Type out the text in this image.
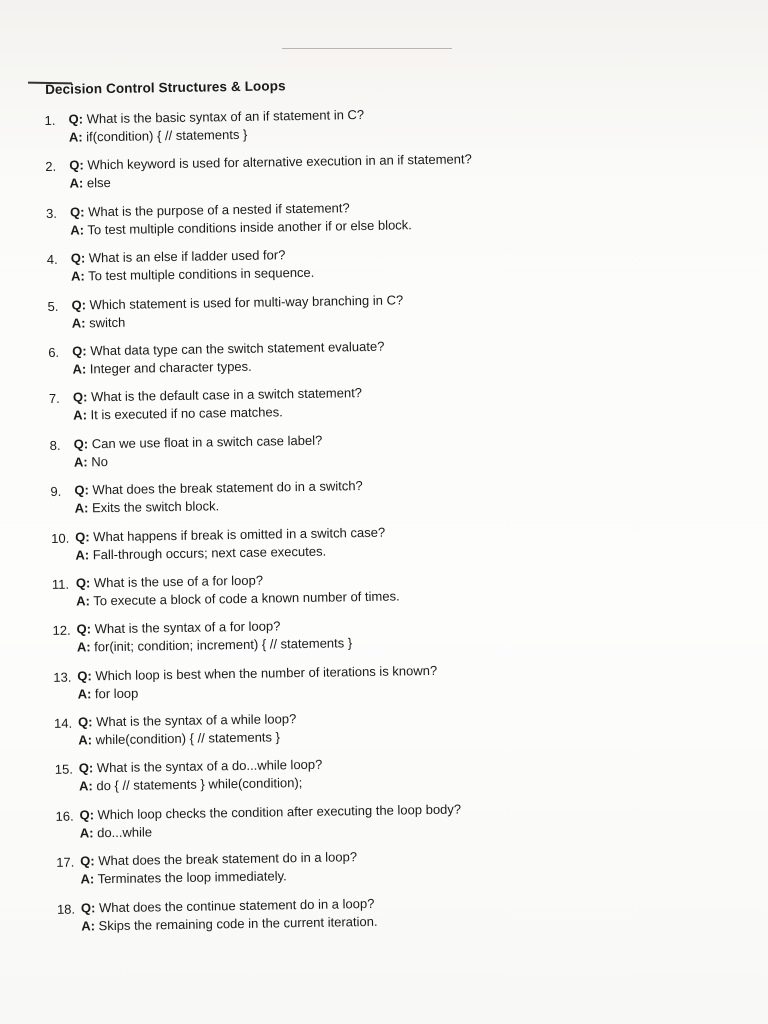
Decision Control Structures & Loops
1. Q: What is the basic syntax of an if statement in C?
A: if(condition) { // statements }
2. Q: Which keyword is used for alternative execution in an if statement?
A: else
3. Q: What is the purpose of a nested if statement?
A: To test multiple conditions inside another if or else block.
4. Q: What is an else if ladder used for?
A: To test multiple conditions in sequence.
5. Q: Which statement is used for multi-way branching in C?
A: switch
6. Q: What data type can the switch statement evaluate?
A: Integer and character types.
7. Q: What is the default case in a switch statement?
A: It is executed if no case matches.
8. Q: Can we use float in a switch case label?
A: No
9. Q: What does the break statement do in a switch?
A: Exits the switch block.
10. Q: What happens if break is omitted in a switch case?
A: Fall-through occurs; next case executes.
11. Q: What is the use of a for loop?
A: To execute a block of code a known number of times.
12. Q: What is the syntax of a for loop?
A: for(init; condition; increment) { // statements }
13. Q: Which loop is best when the number of iterations is known?
A: for loop
14. Q: What is the syntax of a while loop?
A: while(condition) { // statements }
15. Q: What is the syntax of a do...while loop?
A: do { // statements } while(condition);
16. Q: Which loop checks the condition after executing the loop body?
A: do...while
17. Q: What does the break statement do in a loop?
A: Terminates the loop immediately.
18. Q: What does the continue statement do in a loop?
A: Skips the remaining code in the current iteration.
